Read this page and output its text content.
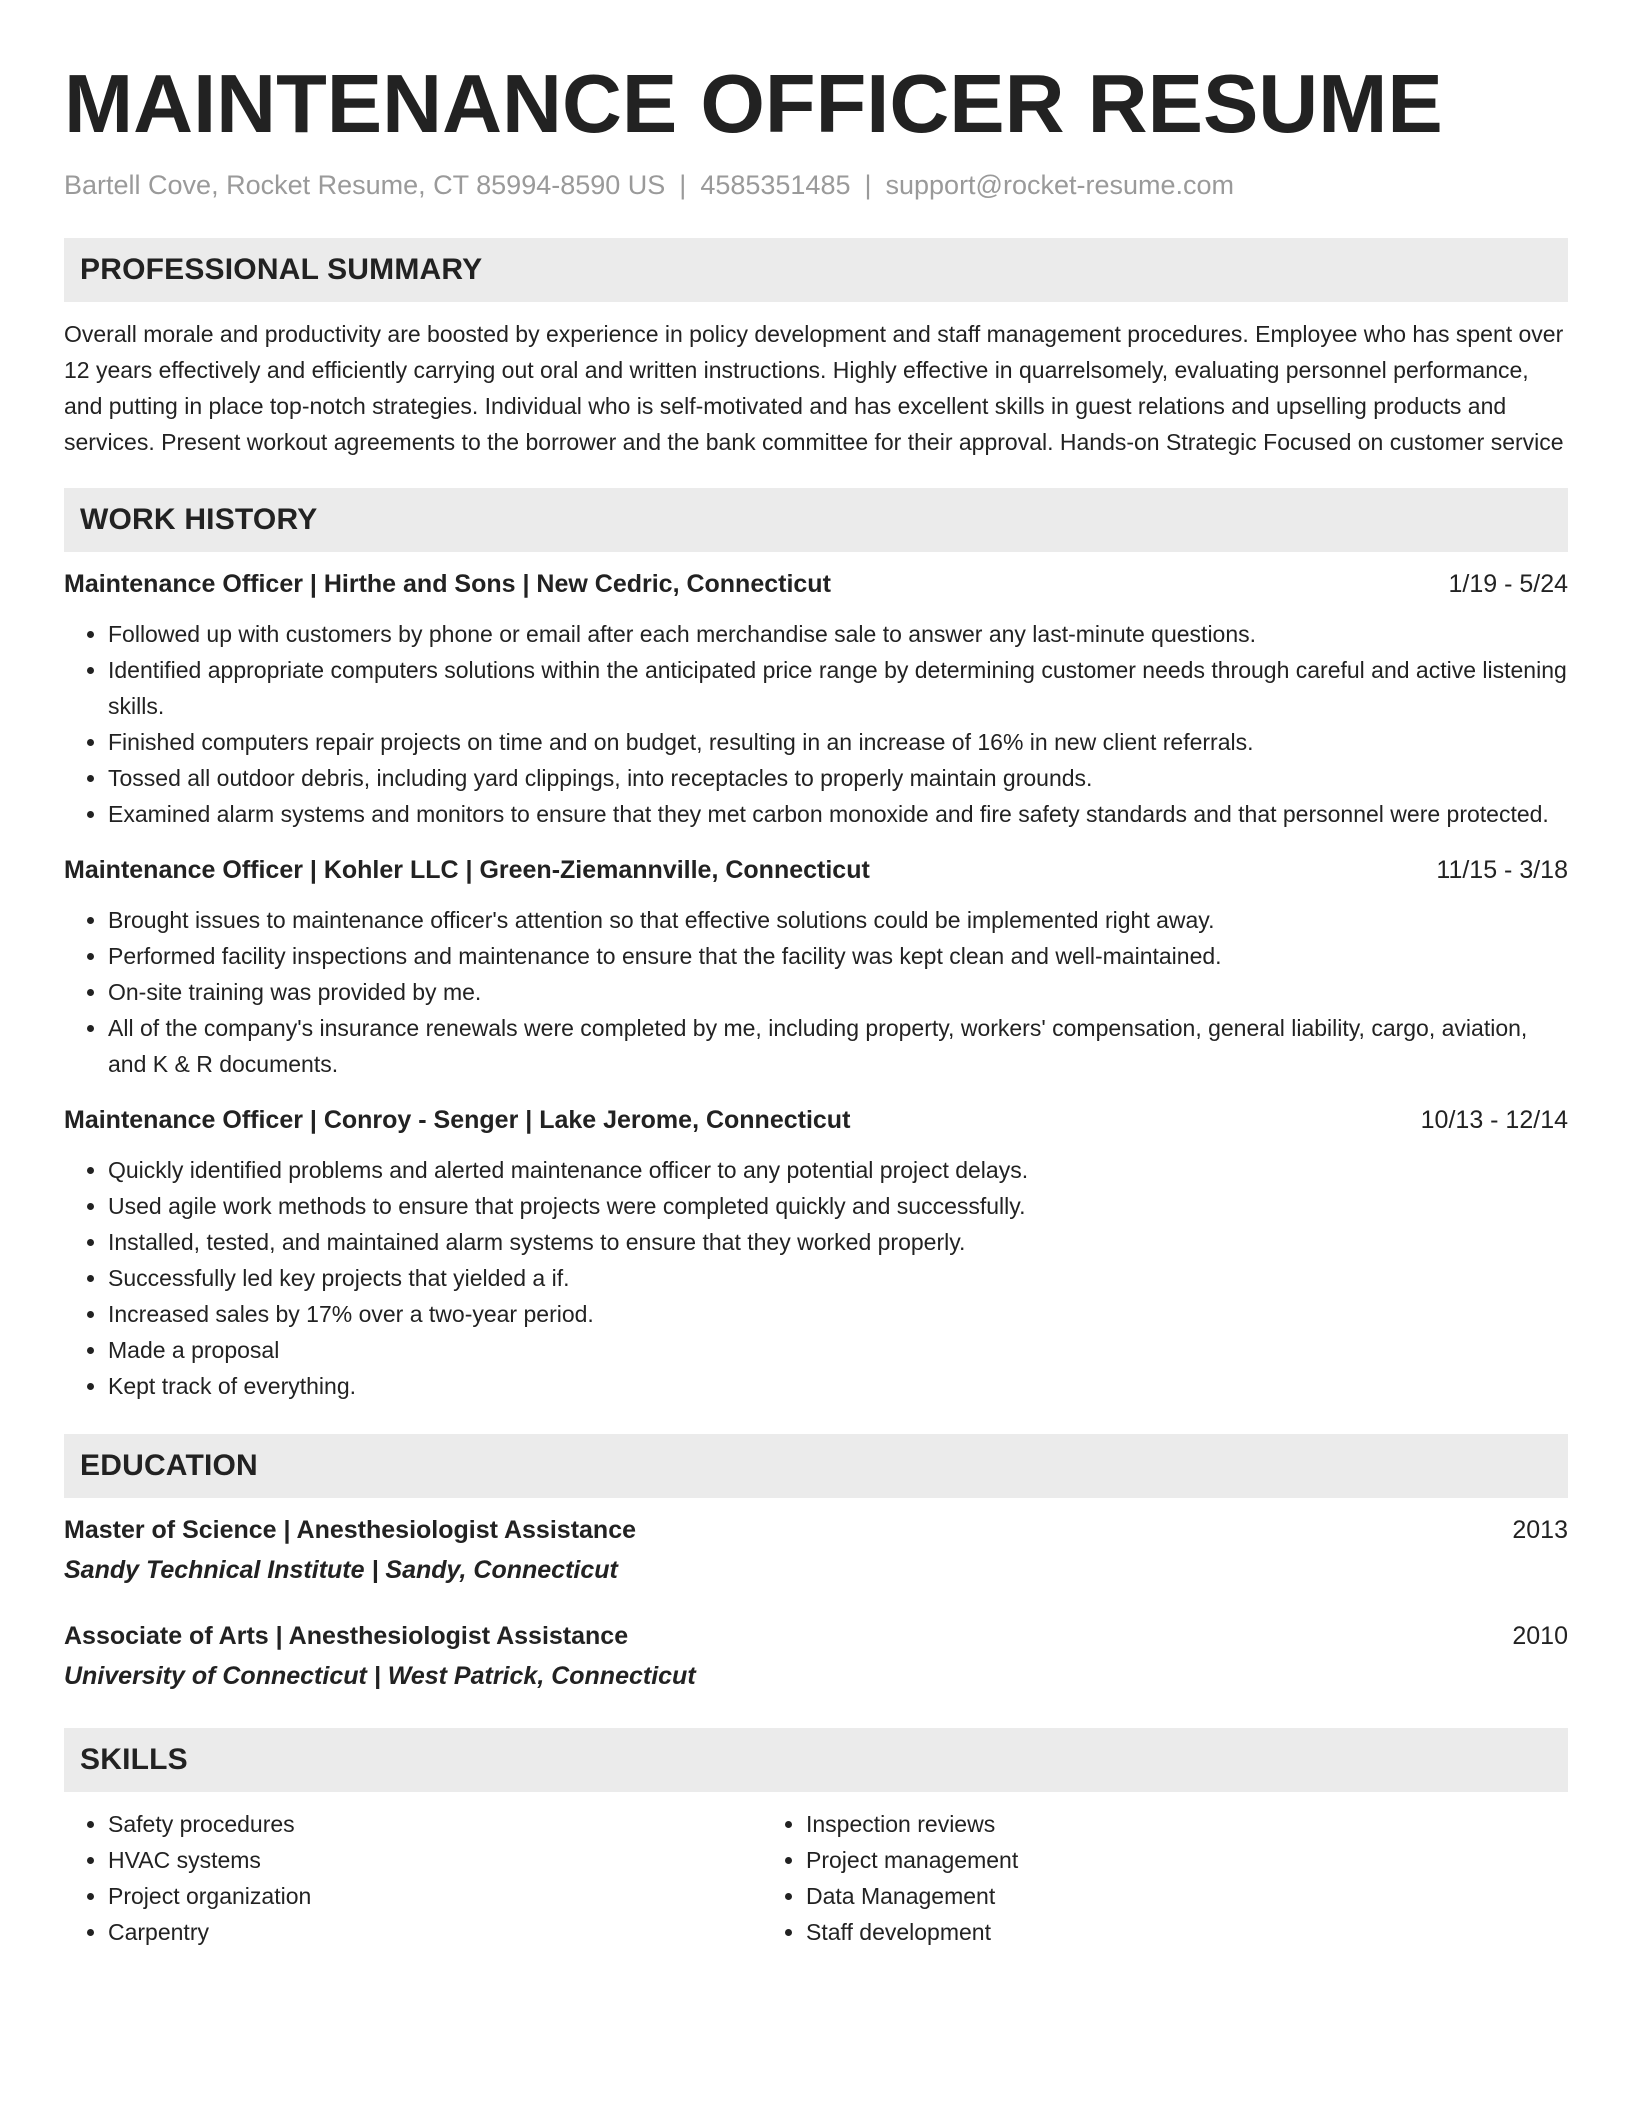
MAINTENANCE OFFICER RESUME
Bartell Cove, Rocket Resume, CT 85994-8590 US | 4585351485 | support@rocket-resume.com
PROFESSIONAL SUMMARY

Overall morale and productivity are boosted by experience in policy development and staff management procedures. Employee who has spent over 12 years effectively and efficiently carrying out oral and written instructions. Highly effective in quarrelsomely, evaluating personnel performance, and putting in place top-notch strategies. Individual who is self-motivated and has excellent skills in guest relations and upselling products and services. Present workout agreements to the borrower and the bank committee for their approval. Hands-on Strategic Focused on customer service

WORK HISTORY
Maintenance Officer | Hirthe and Sons | New Cedric, Connecticut	1/19 - 5/24
• Followed up with customers by phone or email after each merchandise sale to answer any last-minute questions.
• Identified appropriate computers solutions within the anticipated price range by determining customer needs through careful and active listening skills.
• Finished computers repair projects on time and on budget, resulting in an increase of 16% in new client referrals.
• Tossed all outdoor debris, including yard clippings, into receptacles to properly maintain grounds.
• Examined alarm systems and monitors to ensure that they met carbon monoxide and fire safety standards and that personnel were protected.
Maintenance Officer | Kohler LLC | Green-Ziemannville, Connecticut	11/15 - 3/18
• Brought issues to maintenance officer's attention so that effective solutions could be implemented right away.
• Performed facility inspections and maintenance to ensure that the facility was kept clean and well-maintained.
• On-site training was provided by me.
• All of the company's insurance renewals were completed by me, including property, workers' compensation, general liability, cargo, aviation, and K & R documents.
Maintenance Officer | Conroy - Senger | Lake Jerome, Connecticut	10/13 - 12/14
• Quickly identified problems and alerted maintenance officer to any potential project delays.
• Used agile work methods to ensure that projects were completed quickly and successfully.
• Installed, tested, and maintained alarm systems to ensure that they worked properly.
• Successfully led key projects that yielded a if.
• Increased sales by 17% over a two-year period.
• Made a proposal
• Kept track of everything.
EDUCATION
Master of Science | Anesthesiologist Assistance	2013
Sandy Technical Institute | Sandy, Connecticut
Associate of Arts | Anesthesiologist Assistance	2010
University of Connecticut | West Patrick, Connecticut
SKILLS
• Safety procedures
• HVAC systems
• Project organization
• Carpentry
• Inspection reviews
• Project management
• Data Management
• Staff development
